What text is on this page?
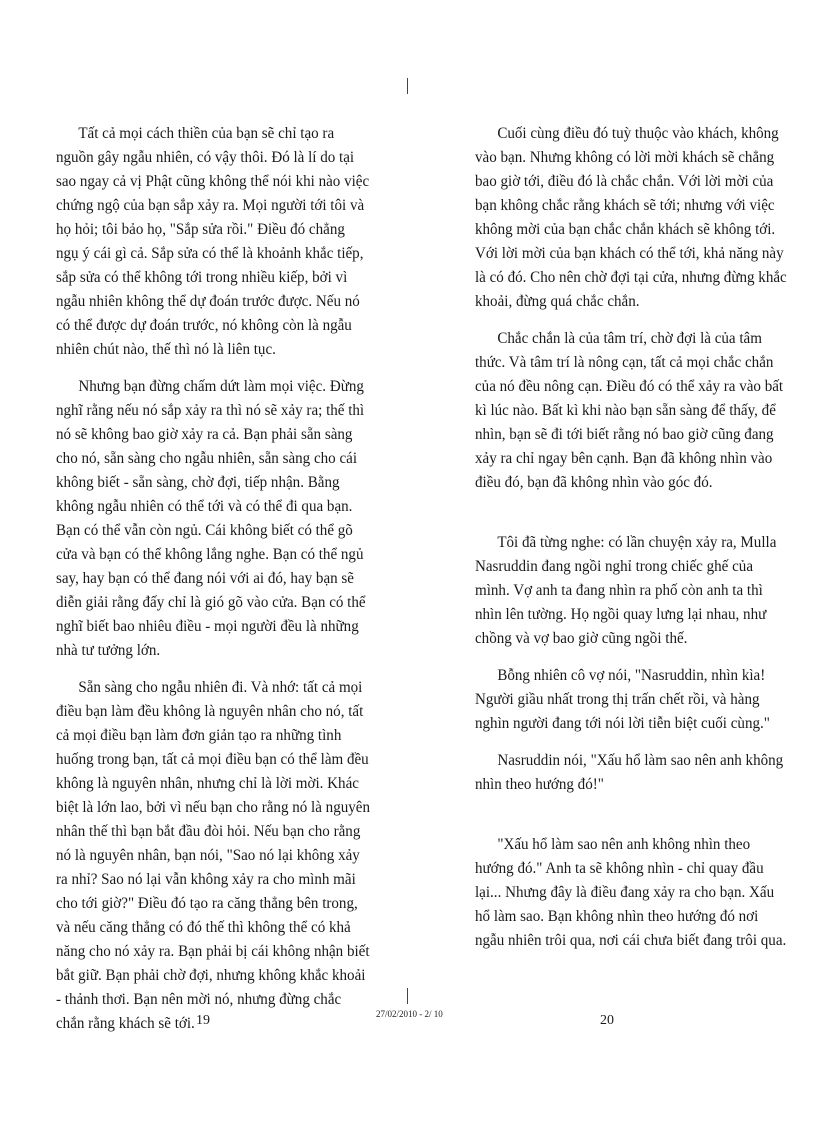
Tất cả mọi cách thiền của bạn sẽ chỉ tạo ra nguồn gây ngẫu nhiên, có vậy thôi. Đó là lí do tại sao ngay cả vị Phật cũng không thể nói khi nào việc chứng ngộ của bạn sắp xảy ra. Mọi người tới tôi và họ hỏi; tôi bảo họ, "Sắp sửa rồi." Điều đó chẳng ngụ ý cái gì cả. Sắp sửa có thể là khoảnh khắc tiếp, sắp sửa có thể không tới trong nhiều kiếp, bởi vì ngẫu nhiên không thể dự đoán trước được. Nếu nó có thể được dự đoán trước, nó không còn là ngẫu nhiên chút nào, thế thì nó là liên tục.

Nhưng bạn đừng chấm dứt làm mọi việc. Đừng nghĩ rằng nếu nó sắp xảy ra thì nó sẽ xảy ra; thế thì nó sẽ không bao giờ xảy ra cả. Bạn phải sẵn sàng cho nó, sẵn sàng cho ngẫu nhiên, sẵn sàng cho cái không biết - sẵn sàng, chờ đợi, tiếp nhận. Bằng không ngẫu nhiên có thể tới và có thể đi qua bạn. Bạn có thể vẫn còn ngủ. Cái không biết có thể gõ cửa và bạn có thể không lắng nghe. Bạn có thể ngủ say, hay bạn có thể đang nói với ai đó, hay bạn sẽ diễn giải rằng đấy chỉ là gió gõ vào cửa. Bạn có thể nghĩ biết bao nhiêu điều - mọi người đều là những nhà tư tưởng lớn.

Sẵn sàng cho ngẫu nhiên đi. Và nhớ: tất cả mọi điều bạn làm đều không là nguyên nhân cho nó, tất cả mọi điều bạn làm đơn giản tạo ra những tình huống trong bạn, tất cả mọi điều bạn có thể làm đều không là nguyên nhân, nhưng chỉ là lời mời. Khác biệt là lớn lao, bởi vì nếu bạn cho rằng nó là nguyên nhân thế thì bạn bắt đầu đòi hỏi. Nếu bạn cho rằng nó là nguyên nhân, bạn nói, "Sao nó lại không xảy ra nhỉ? Sao nó lại vẫn không xảy ra cho mình mãi cho tới giờ?" Điều đó tạo ra căng thẳng bên trong, và nếu căng thẳng có đó thế thì không thể có khả năng cho nó xảy ra. Bạn phải bị cái không nhận biết bắt giữ. Bạn phải chờ đợi, nhưng không khắc khoải - thảnh thơi. Bạn nên mời nó, nhưng đừng chắc chắn rằng khách sẽ tới.

Cuối cùng điều đó tuỳ thuộc vào khách, không vào bạn. Nhưng không có lời mời khách sẽ chẳng bao giờ tới, điều đó là chắc chắn. Với lời mời của bạn không chắc rằng khách sẽ tới; nhưng với việc không mời của bạn chắc chắn khách sẽ không tới. Với lời mời của bạn khách có thể tới, khả năng này là có đó. Cho nên chờ đợi tại cửa, nhưng đừng khắc khoải, đừng quá chắc chắn.

Chắc chắn là của tâm trí, chờ đợi là của tâm thức. Và tâm trí là nông cạn, tất cả mọi chắc chắn của nó đều nông cạn. Điều đó có thể xảy ra vào bất kì lúc nào. Bất kì khi nào bạn sẵn sàng để thấy, để nhìn, bạn sẽ đi tới biết rằng nó bao giờ cũng đang xảy ra chỉ ngay bên cạnh. Bạn đã không nhìn vào điều đó, bạn đã không nhìn vào góc đó.

Tôi đã từng nghe: có lần chuyện xảy ra, Mulla Nasruddin đang ngồi nghỉ trong chiếc ghế của mình. Vợ anh ta đang nhìn ra phố còn anh ta thì nhìn lên tường. Họ ngồi quay lưng lại nhau, như chồng và vợ bao giờ cũng ngồi thế.

Bỗng nhiên cô vợ nói, "Nasruddin, nhìn kìa! Người giầu nhất trong thị trấn chết rồi, và hàng nghìn người đang tới nói lời tiễn biệt cuối cùng."

Nasruddin nói, "Xấu hổ làm sao nên anh không nhìn theo hướng đó!"

"Xấu hổ làm sao nên anh không nhìn theo hướng đó." Anh ta sẽ không nhìn - chỉ quay đầu lại... Nhưng đây là điều đang xảy ra cho bạn. Xấu hổ làm sao. Bạn không nhìn theo hướng đó nơi ngẫu nhiên trôi qua, nơi cái chưa biết đang trôi qua.

19	27/02/2010 - 2/ 10	20
